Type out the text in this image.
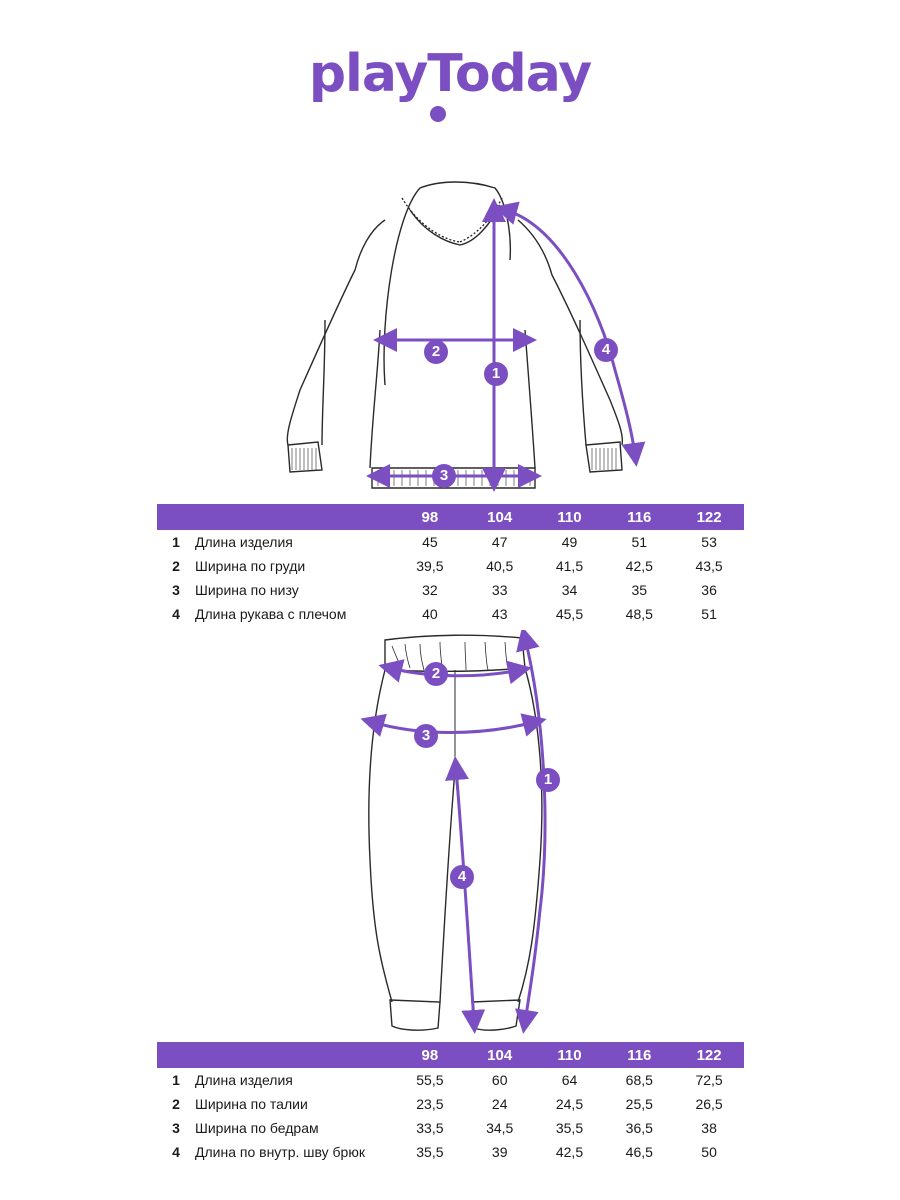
playToday
1
2
3
4
		98	104	110	116	122
1	Длина изделия	45	47	49	51	53
2	Ширина по груди	39,5	40,5	41,5	42,5	43,5
3	Ширина по низу	32	33	34	35	36
4	Длина рукава с плечом	40	43	45,5	48,5	51
1
2
3
4
		98	104	110	116	122
1	Длина изделия	55,5	60	64	68,5	72,5
2	Ширина по талии	23,5	24	24,5	25,5	26,5
3	Ширина по бедрам	33,5	34,5	35,5	36,5	38
4	Длина по внутр. шву брюк	35,5	39	42,5	46,5	50
